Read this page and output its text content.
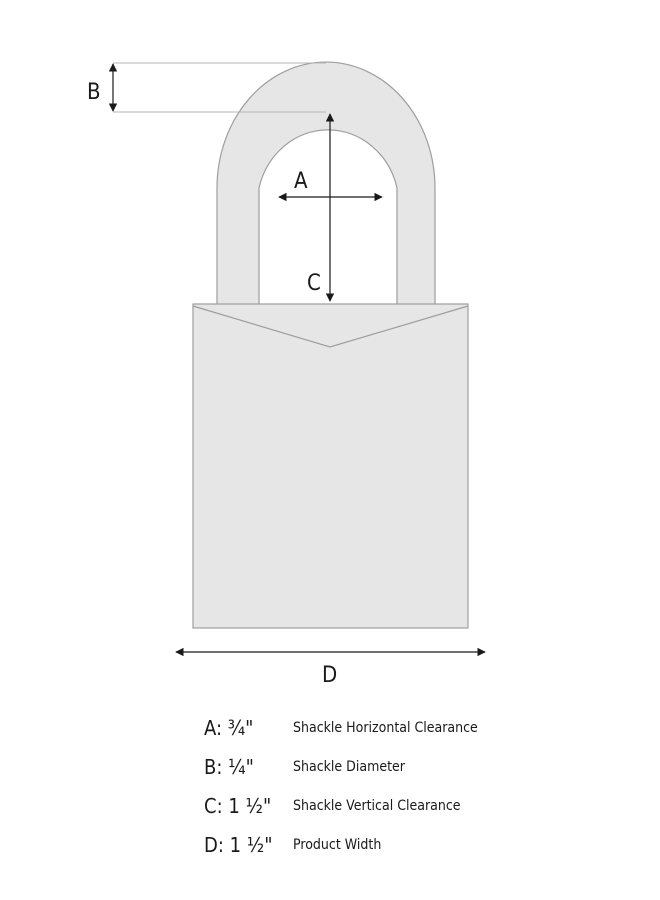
B
A
C
D
A: ¾"	Shackle Horizontal Clearance
B: ¼"	Shackle Diameter
C: 1 ½" Shackle Vertical Clearance
D: 1 ½" Product Width
